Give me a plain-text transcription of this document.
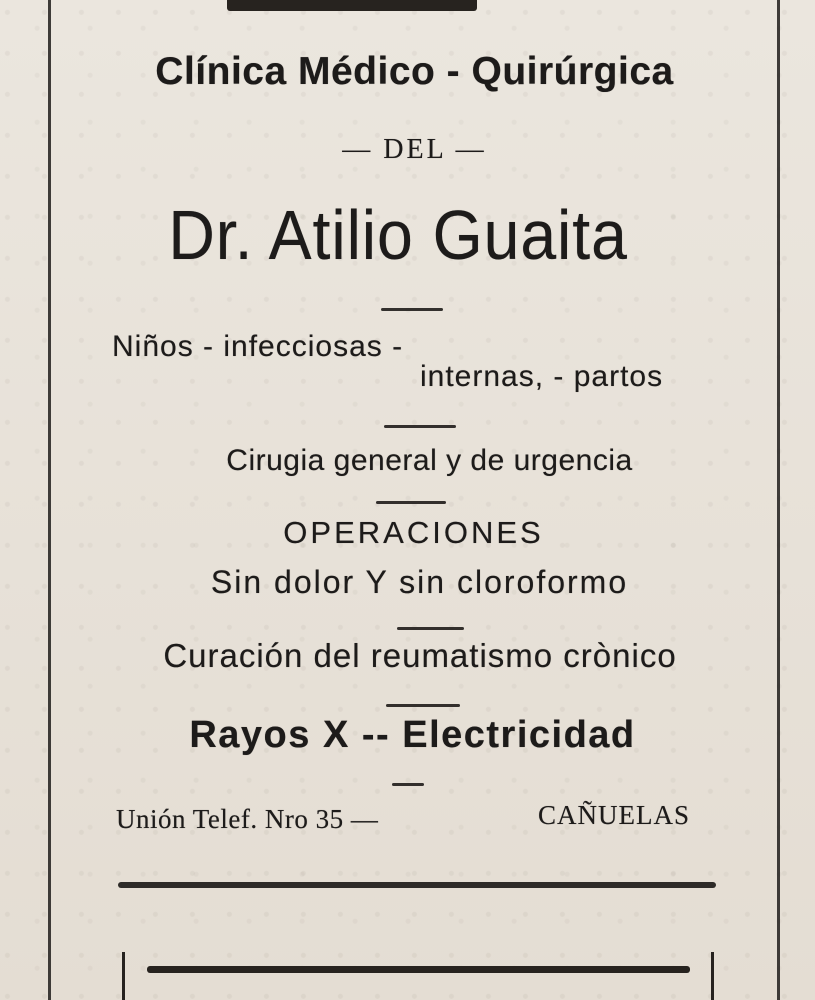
Clínica Médico - Quirúrgica
— DEL —
Dr. Atilio Guaita
Niños - infecciosas -
internas, - partos
Cirugia general y de urgencia
OPERACIONES
Sin dolor Y sin cloroformo
Curación del reumatismo crònico
Rayos X -- Electricidad
Unión Telef. Nro 35 —	CAÑUELAS
